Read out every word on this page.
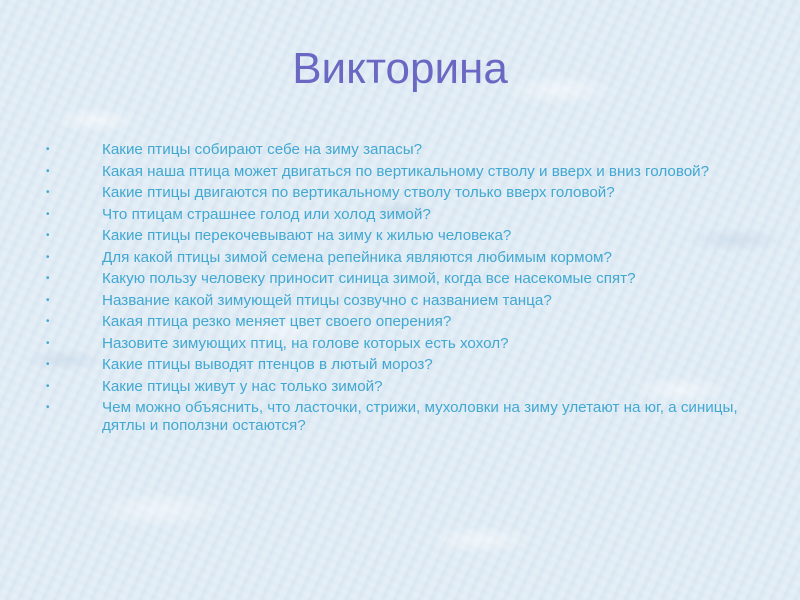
Викторина
•	Какие птицы собирают себе на зиму запасы?
•	Какая наша птица может двигаться по вертикальному стволу и вверх и вниз головой?
•	Какие птицы двигаются по вертикальному стволу только вверх головой?
•	Что птицам страшнее голод или холод зимой?
•	Какие птицы перекочевывают на зиму к жилью человека?
•	Для какой птицы зимой семена репейника являются любимым кормом?
•	Какую пользу человеку приносит синица зимой, когда все насекомые спят?
•	Название какой зимующей птицы созвучно с названием танца?
•	Какая птица резко меняет цвет своего оперения?
•	Назовите зимующих птиц, на голове которых есть хохол?
•	Какие птицы выводят птенцов в лютый мороз?
•	Какие птицы живут у нас только зимой?
•	Чем можно объяснить, что ласточки, стрижи, мухоловки на зиму улетают на юг, а синицы, дятлы и поползни остаются?
